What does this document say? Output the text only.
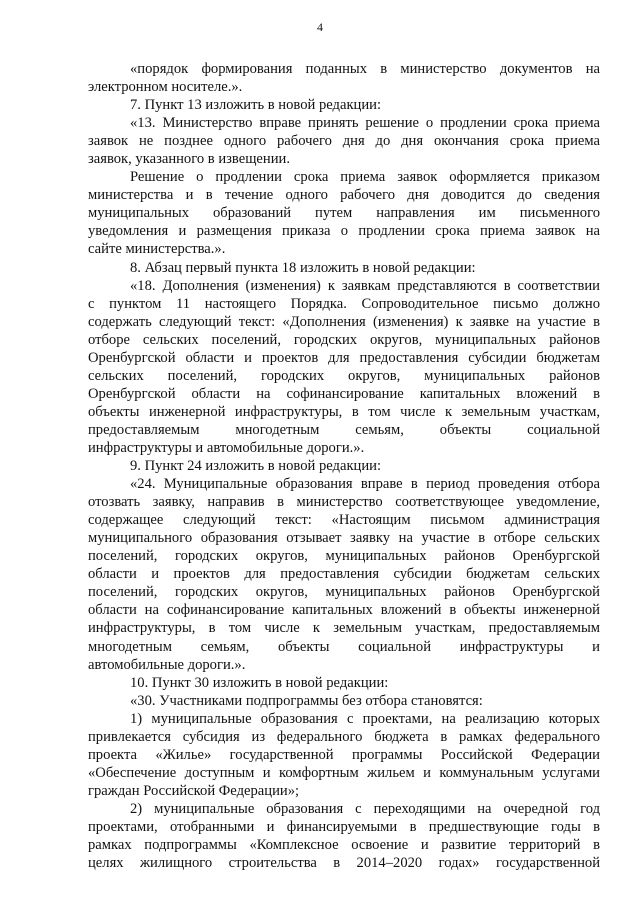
4
«порядок формирования поданных в министерство документов на
электронном носителе.».
7. Пункт 13 изложить в новой редакции:
«13. Министерство вправе принять решение о продлении срока приема
заявок не позднее одного рабочего дня до дня окончания срока приема
заявок, указанного в извещении.
Решение о продлении срока приема заявок оформляется приказом
министерства и в течение одного рабочего дня доводится до сведения
муниципальных образований путем направления им письменного
уведомления и размещения приказа о продлении срока приема заявок на
сайте министерства.».
8. Абзац первый пункта 18 изложить в новой редакции:
«18. Дополнения (изменения) к заявкам представляются в соответствии
с пунктом 11 настоящего Порядка. Сопроводительное письмо должно
содержать следующий текст: «Дополнения (изменения) к заявке на участие в
отборе сельских поселений, городских округов, муниципальных районов
Оренбургской области и проектов для предоставления субсидии бюджетам
сельских поселений, городских округов, муниципальных районов
Оренбургской области на софинансирование капитальных вложений в
объекты инженерной инфраструктуры, в том числе к земельным участкам,
предоставляемым многодетным семьям, объекты социальной
инфраструктуры и автомобильные дороги.».
9. Пункт 24 изложить в новой редакции:
«24. Муниципальные образования вправе в период проведения отбора
отозвать заявку, направив в министерство соответствующее уведомление,
содержащее следующий текст: «Настоящим письмом администрация
муниципального образования отзывает заявку на участие в отборе сельских
поселений, городских округов, муниципальных районов Оренбургской
области и проектов для предоставления субсидии бюджетам сельских
поселений, городских округов, муниципальных районов Оренбургской
области на софинансирование капитальных вложений в объекты инженерной
инфраструктуры, в том числе к земельным участкам, предоставляемым
многодетным семьям, объекты социальной инфраструктуры и
автомобильные дороги.».
10. Пункт 30 изложить в новой редакции:
«30. Участниками подпрограммы без отбора становятся:
1) муниципальные образования с проектами, на реализацию которых
привлекается субсидия из федерального бюджета в рамках федерального
проекта «Жилье» государственной программы Российской Федерации
«Обеспечение доступным и комфортным жильем и коммунальным услугами
граждан Российской Федерации»;
2) муниципальные образования с переходящими на очередной год
проектами, отобранными и финансируемыми в предшествующие годы в
рамках подпрограммы «Комплексное освоение и развитие территорий в
целях жилищного строительства в 2014–2020 годах» государственной
